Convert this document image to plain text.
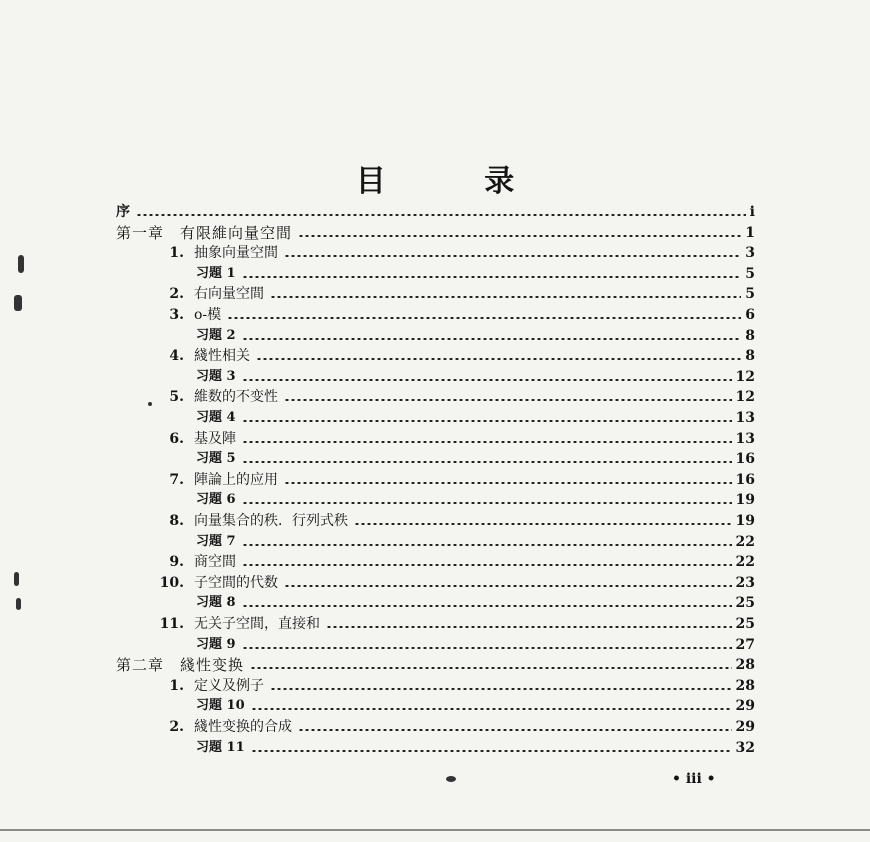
目 录
序	i
第一章　有限維向量空間	1
1. 抽象向量空間	3
习題 1	5
2. 右向量空間	5
3. o-模	6
习題 2	8
4. 綫性相关	8
习題 3	12
5. 維数的不变性	12
习題 4	13
6. 基及陣	13
习題 5	16
7. 陣論上的应用	16
习題 6	19
8. 向量集合的秩．行列式秩	19
习題 7	22
9. 商空間	22
10. 子空間的代数	23
习題 8	25
11. 无关子空間，直接和	25
习題 9	27
第二章　綫性变换	28
1. 定义及例子	28
习題 10	29
2. 綫性变换的合成	29
习題 11	32
• iii •
